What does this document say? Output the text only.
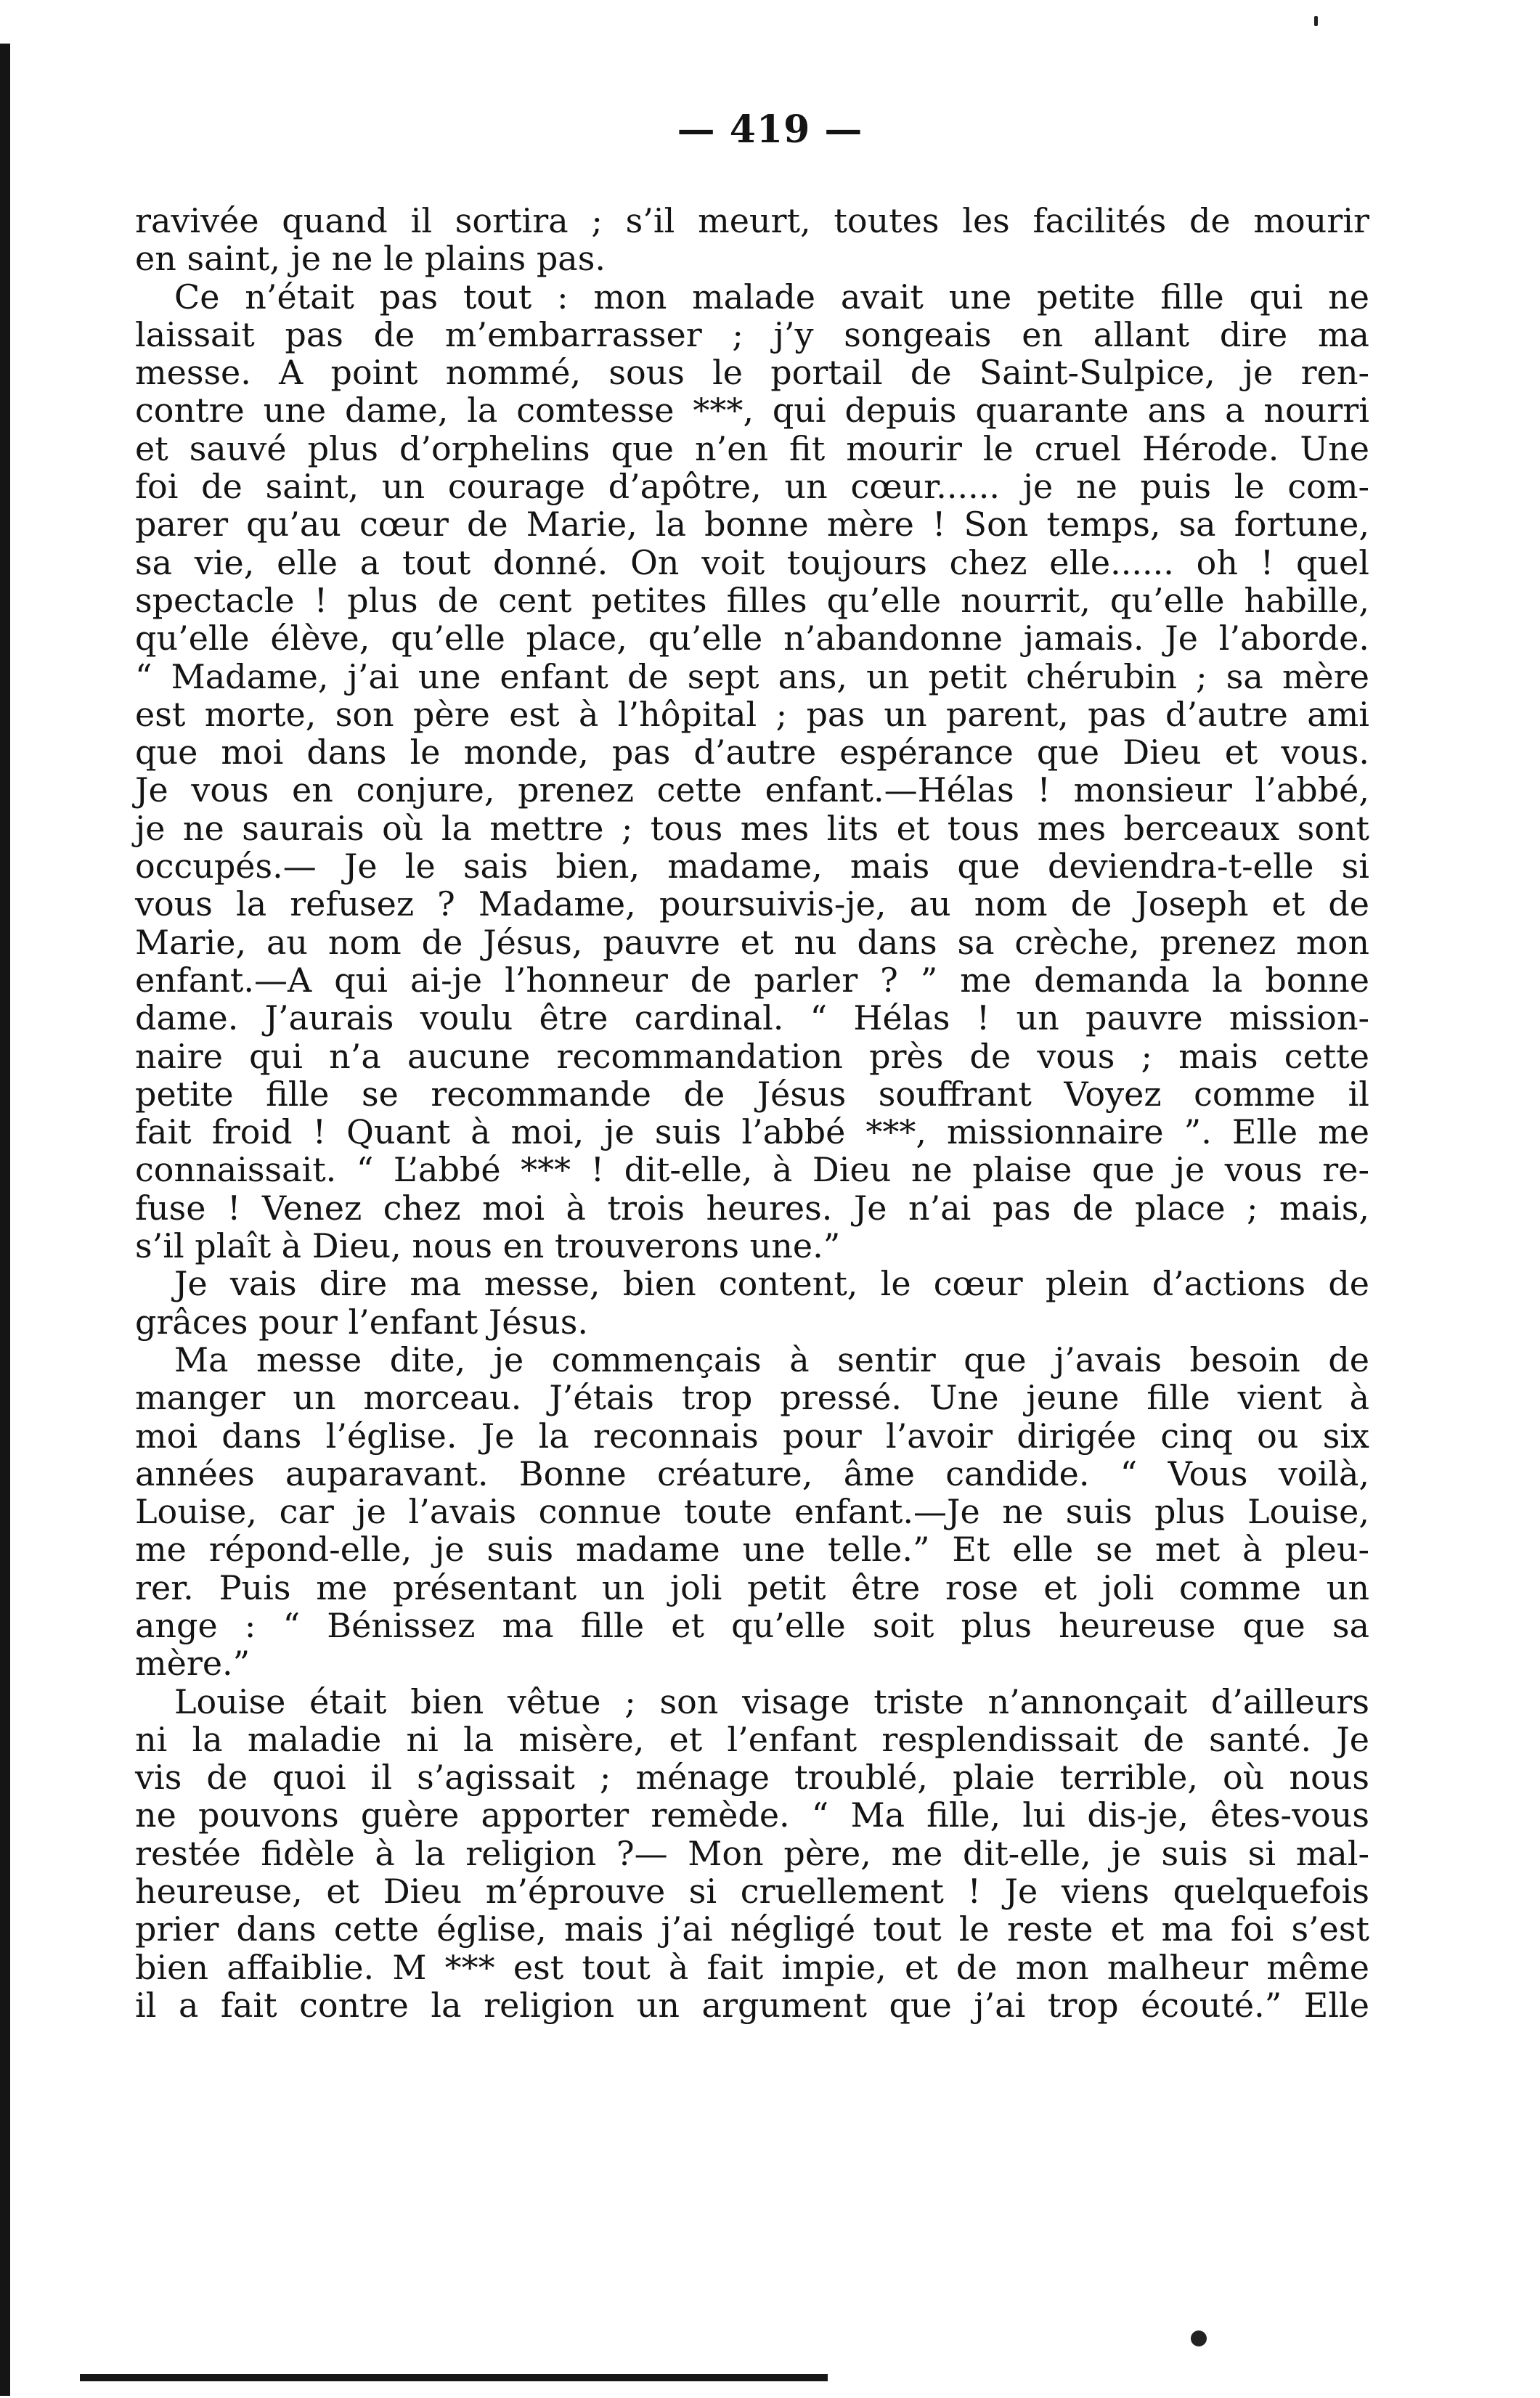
— 419 —
ravivée quand il sortira ; s’il meurt, toutes les facilités de mourir
en saint, je ne le plains pas.
Ce n’était pas tout : mon malade avait une petite fille qui ne
laissait pas de m’embarrasser ; j’y songeais en allant dire ma
messe. A point nommé, sous le portail de Saint-Sulpice, je ren-
contre une dame, la comtesse ***, qui depuis quarante ans a nourri
et sauvé plus d’orphelins que n’en fit mourir le cruel Hérode. Une
foi de saint, un courage d’apôtre, un cœur...... je ne puis le com-
parer qu’au cœur de Marie, la bonne mère ! Son temps, sa fortune,
sa vie, elle a tout donné. On voit toujours chez elle...... oh ! quel
spectacle ! plus de cent petites filles qu’elle nourrit, qu’elle habille,
qu’elle élève, qu’elle place, qu’elle n’abandonne jamais. Je l’aborde.
“ Madame, j’ai une enfant de sept ans, un petit chérubin ; sa mère
est morte, son père est à l’hôpital ; pas un parent, pas d’autre ami
que moi dans le monde, pas d’autre espérance que Dieu et vous.
Je vous en conjure, prenez cette enfant.—Hélas ! monsieur l’abbé,
je ne saurais où la mettre ; tous mes lits et tous mes berceaux sont
occupés.— Je le sais bien, madame, mais que deviendra-t-elle si
vous la refusez ? Madame, poursuivis-je, au nom de Joseph et de
Marie, au nom de Jésus, pauvre et nu dans sa crèche, prenez mon
enfant.—A qui ai-je l’honneur de parler ? ” me demanda la bonne
dame. J’aurais voulu être cardinal. “ Hélas ! un pauvre mission-
naire qui n’a aucune recommandation près de vous ; mais cette
petite fille se recommande de Jésus souffrant Voyez comme il
fait froid ! Quant à moi, je suis l’abbé ***, missionnaire ”. Elle me
connaissait. “ L’abbé *** ! dit-elle, à Dieu ne plaise que je vous re-
fuse ! Venez chez moi à trois heures. Je n’ai pas de place ; mais,
s’il plaît à Dieu, nous en trouverons une.”
Je vais dire ma messe, bien content, le cœur plein d’actions de
grâces pour l’enfant Jésus.
Ma messe dite, je commençais à sentir que j’avais besoin de
manger un morceau. J’étais trop pressé. Une jeune fille vient à
moi dans l’église. Je la reconnais pour l’avoir dirigée cinq ou six
années auparavant. Bonne créature, âme candide. “ Vous voilà,
Louise, car je l’avais connue toute enfant.—Je ne suis plus Louise,
me répond-elle, je suis madame une telle.” Et elle se met à pleu-
rer. Puis me présentant un joli petit être rose et joli comme un
ange : “ Bénissez ma fille et qu’elle soit plus heureuse que sa
mère.”
Louise était bien vêtue ; son visage triste n’annonçait d’ailleurs
ni la maladie ni la misère, et l’enfant resplendissait de santé. Je
vis de quoi il s’agissait ; ménage troublé, plaie terrible, où nous
ne pouvons guère apporter remède. “ Ma fille, lui dis-je, êtes-vous
restée fidèle à la religion ?— Mon père, me dit-elle, je suis si mal-
heureuse, et Dieu m’éprouve si cruellement ! Je viens quelquefois
prier dans cette église, mais j’ai négligé tout le reste et ma foi s’est
bien affaiblie. M *** est tout à fait impie, et de mon malheur même
il a fait contre la religion un argument que j’ai trop écouté.” Elle
